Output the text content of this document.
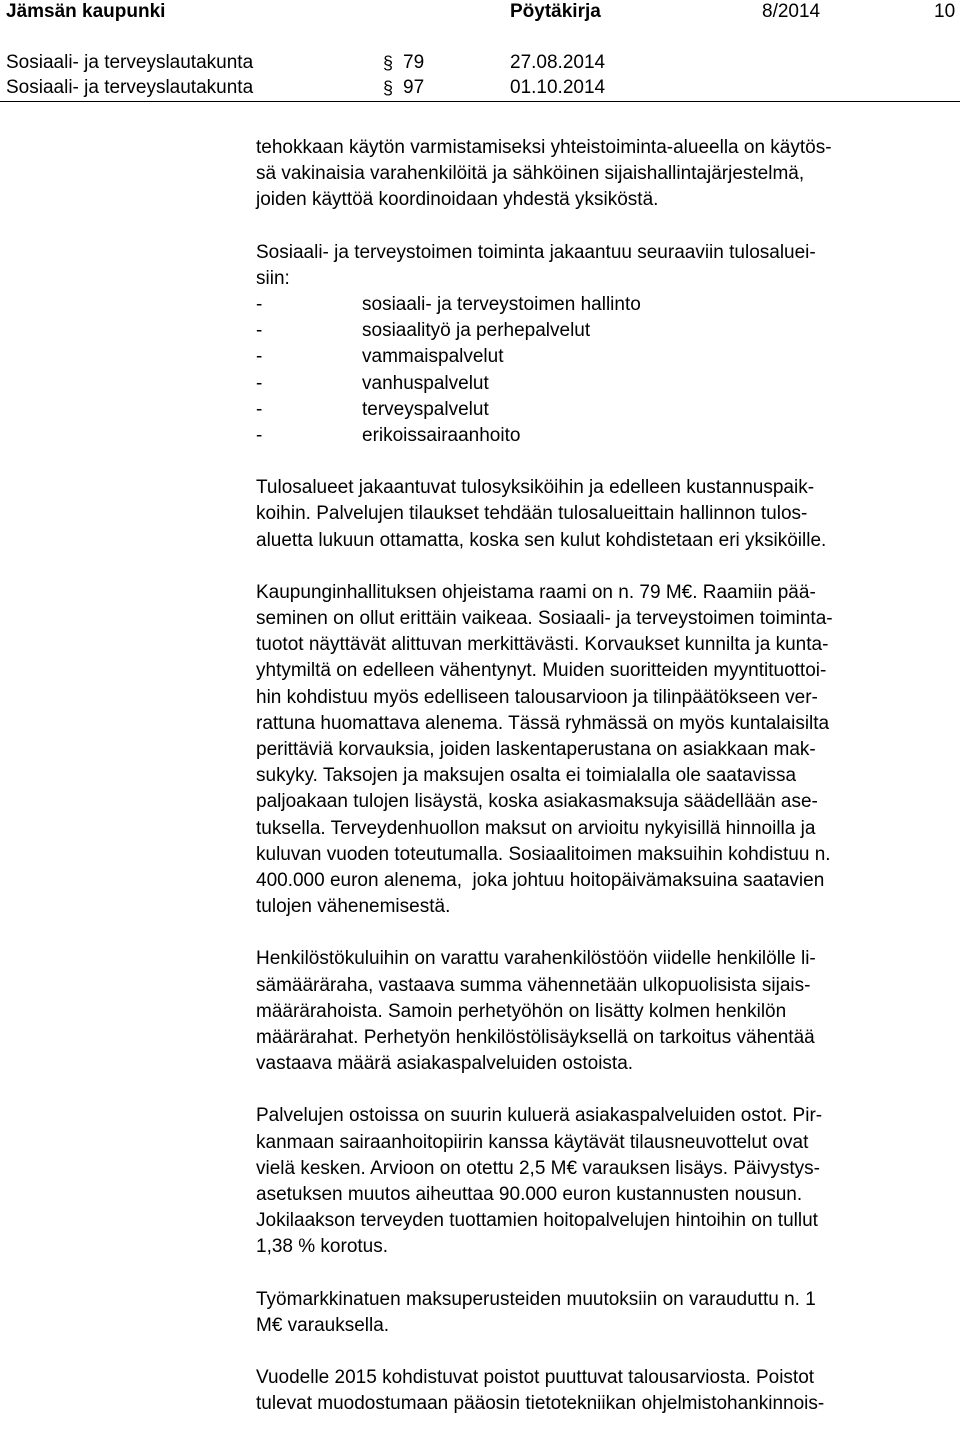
Jämsän kaupunki	Pöytäkirja	8/2014	10
Sosiaali- ja terveyslautakunta	§ 79	27.08.2014
Sosiaali- ja terveyslautakunta	§ 97	01.10.2014

tehokkaan käytön varmistamiseksi yhteistoiminta-alueella on käytös-
sä vakinaisia varahenkilöitä ja sähköinen sijaishallintajärjestelmä,
joiden käyttöä koordinoidaan yhdestä yksiköstä.

Sosiaali- ja terveystoimen toiminta jakaantuu seuraaviin tulosaluei-
siin:

-	sosiaali- ja terveystoimen hallinto
-	sosiaalityö ja perhepalvelut
-	vammaispalvelut
-	vanhuspalvelut
-	terveyspalvelut
-	erikoissairaanhoito

Tulosalueet jakaantuvat tulosyksiköihin ja edelleen kustannuspaik-
koihin. Palvelujen tilaukset tehdään tulosalueittain hallinnon tulos-
aluetta lukuun ottamatta, koska sen kulut kohdistetaan eri yksiköille.

Kaupunginhallituksen ohjeistama raami on n. 79 M€. Raamiin pää-
seminen on ollut erittäin vaikeaa. Sosiaali- ja terveystoimen toiminta-
tuotot näyttävät alittuvan merkittävästi. Korvaukset kunnilta ja kunta-
yhtymiltä on edelleen vähentynyt. Muiden suoritteiden myyntituottoi-
hin kohdistuu myös edelliseen talousarvioon ja tilinpäätökseen ver-
rattuna huomattava alenema. Tässä ryhmässä on myös kuntalaisilta
perittäviä korvauksia, joiden laskentaperustana on asiakkaan mak-
sukyky. Taksojen ja maksujen osalta ei toimialalla ole saatavissa
paljoakaan tulojen lisäystä, koska asiakasmaksuja säädellään ase-
tuksella. Terveydenhuollon maksut on arvioitu nykyisillä hinnoilla ja
kuluvan vuoden toteutumalla. Sosiaalitoimen maksuihin kohdistuu n.
400.000 euron alenema,  joka johtuu hoitopäivämaksuina saatavien
tulojen vähenemisestä.

Henkilöstökuluihin on varattu varahenkilöstöön viidelle henkilölle li-
sämääräraha, vastaava summa vähennetään ulkopuolisista sijais-
määrärahoista. Samoin perhetyöhön on lisätty kolmen henkilön
määrärahat. Perhetyön henkilöstölisäyksellä on tarkoitus vähentää
vastaava määrä asiakaspalveluiden ostoista.

Palvelujen ostoissa on suurin kuluerä asiakaspalveluiden ostot. Pir-
kanmaan sairaanhoitopiirin kanssa käytävät tilausneuvottelut ovat
vielä kesken. Arvioon on otettu 2,5 M€ varauksen lisäys. Päivystys-
asetuksen muutos aiheuttaa 90.000 euron kustannusten nousun.
Jokilaakson terveyden tuottamien hoitopalvelujen hintoihin on tullut
1,38 % korotus.

Työmarkkinatuen maksuperusteiden muutoksiin on varauduttu n. 1
M€ varauksella.

Vuodelle 2015 kohdistuvat poistot puuttuvat talousarviosta. Poistot
tulevat muodostumaan pääosin tietotekniikan ohjelmistohankinnois-
